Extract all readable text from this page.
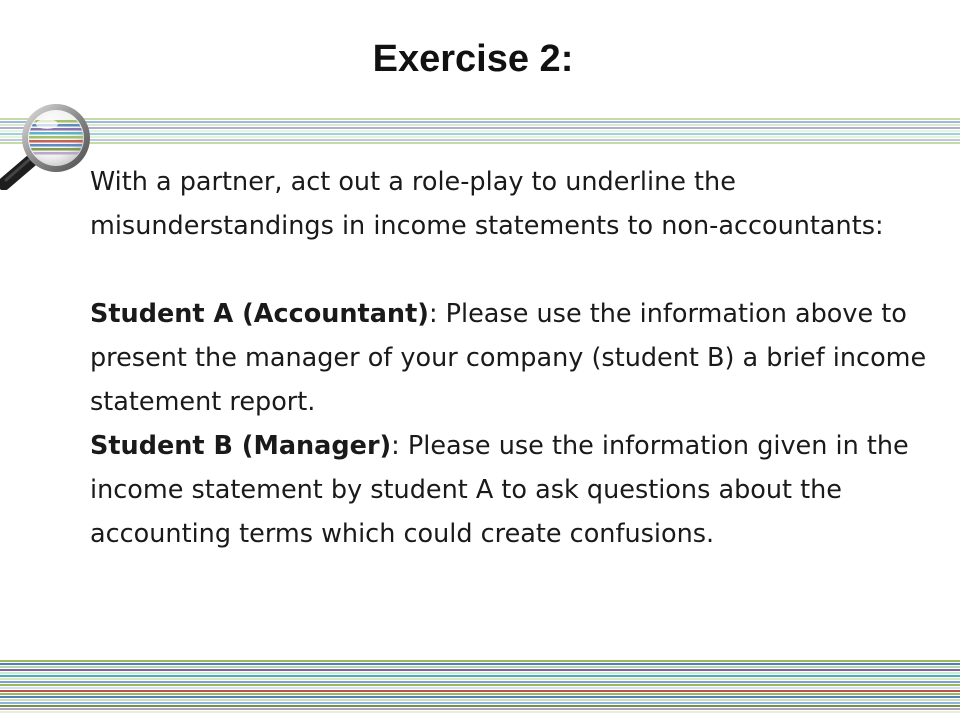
Exercise 2:

With a partner, act out a role-play to underline the misunderstandings in income statements to non-accountants:

Student A (Accountant): Please use the information above to present the manager of your company (student B) a brief income statement report.

Student B (Manager): Please use the information given in the income statement by student A to ask questions about the accounting terms which could create confusions.
